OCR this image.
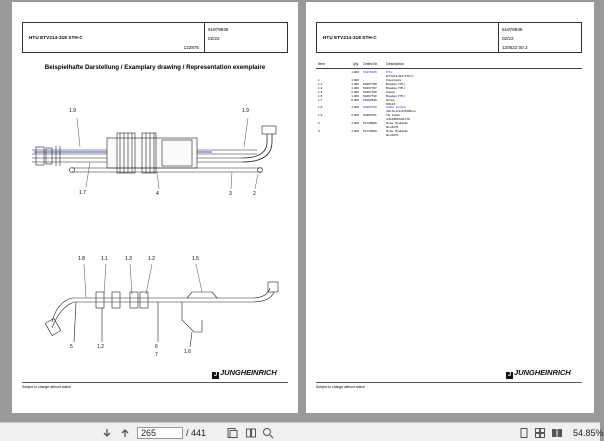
HTU ETV214-318 STH-C
51979935
02/22
122875
Beispielhafte Darstellung / Examplary drawing / Representation exemplaire
1.9	1.9
1.7	4	3	2
1.8	1.1	1.3	1.2	1.5
5	1.2	6
7	1.6
J JUNGHEINRICH
Subject to change without notice
HTU ETV214-318 STH-C
51979935
02/22
120522 00 2
Item	Qty. Order-Nr. Description
1.000 51979935	HTU
ETV214-318 STH-C
1	1.000 -	Fixed parts
1.1	1.000 50297788	Bracket, HTU
1.2	1.000 50297787	Bracket, HTU
1.3	2.000 50297789	Clamp
1.5	1.000 50297790	Bracket, HTU
1.7	8.000 24402830	Screw
M5x16
1.8	1.000 90956790	Cable, Control
4x0.8+1x1x0.5/88mm
1.9	2.000 50455751	Tie, Cable
4,8x188PA46-HS
2	1.000 51748686	Hose, Hydraulic
NLx3470
3	1.000 51743828	Hose, Hydraulic
NLx2970
J JUNGHEINRICH
Subject to change without notice
265	/ 441	54.85%
